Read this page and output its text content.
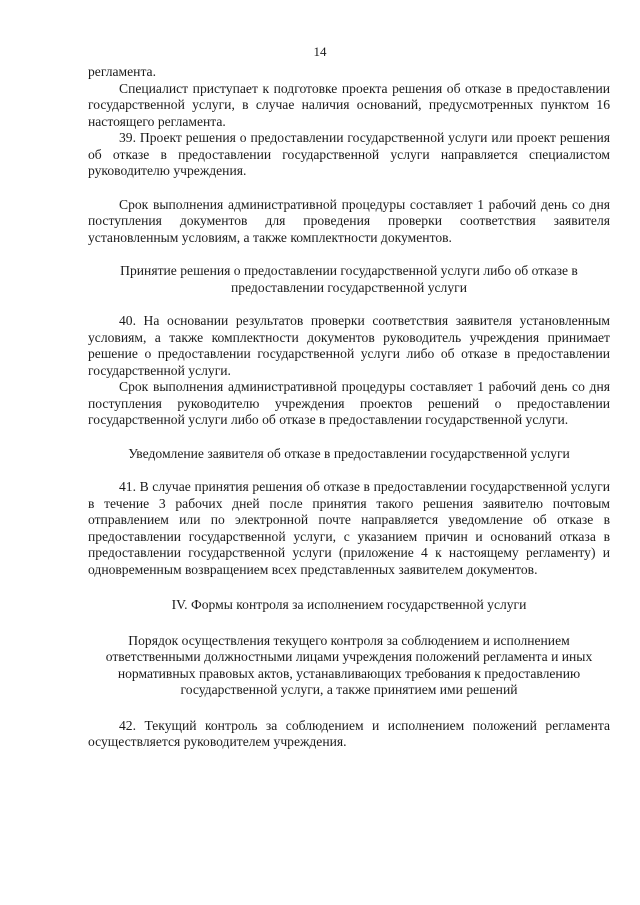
14

регламента.

Специалист приступает к подготовке проекта решения об отказе в предоставлении государственной услуги, в случае наличия оснований, предусмотренных пунктом 16 настоящего регламента.

39. Проект решения о предоставлении государственной услуги или проект решения об отказе в предоставлении государственной услуги направляется специалистом руководителю учреждения.

Срок выполнения административной процедуры составляет 1 рабочий день со дня поступления документов для проведения проверки соответствия заявителя установленным условиям, а также комплектности документов.

Принятие решения о предоставлении государственной услуги либо об отказе в предоставлении государственной услуги

40. На основании результатов проверки соответствия заявителя установленным условиям, а также комплектности документов руководитель учреждения принимает решение о предоставлении государственной услуги либо об отказе в предоставлении государственной услуги.

Срок выполнения административной процедуры составляет 1 рабочий день со дня поступления руководителю учреждения проектов решений о предоставлении государственной услуги либо об отказе в предоставлении государственной услуги.

Уведомление заявителя об отказе в предоставлении государственной услуги

41. В случае принятия решения об отказе в предоставлении государственной услуги в течение 3 рабочих дней после принятия такого решения заявителю почтовым отправлением или по электронной почте направляется уведомление об отказе в предоставлении государственной услуги, с указанием причин и оснований отказа в предоставлении государственной услуги (приложение 4 к настоящему регламенту) и одновременным возвращением всех представленных заявителем документов.

IV. Формы контроля за исполнением государственной услуги

Порядок осуществления текущего контроля за соблюдением и исполнением ответственными должностными лицами учреждения положений регламента и иных нормативных правовых актов, устанавливающих требования к предоставлению государственной услуги, а также принятием ими решений

42. Текущий контроль за соблюдением и исполнением положений регламента осуществляется руководителем учреждения.
